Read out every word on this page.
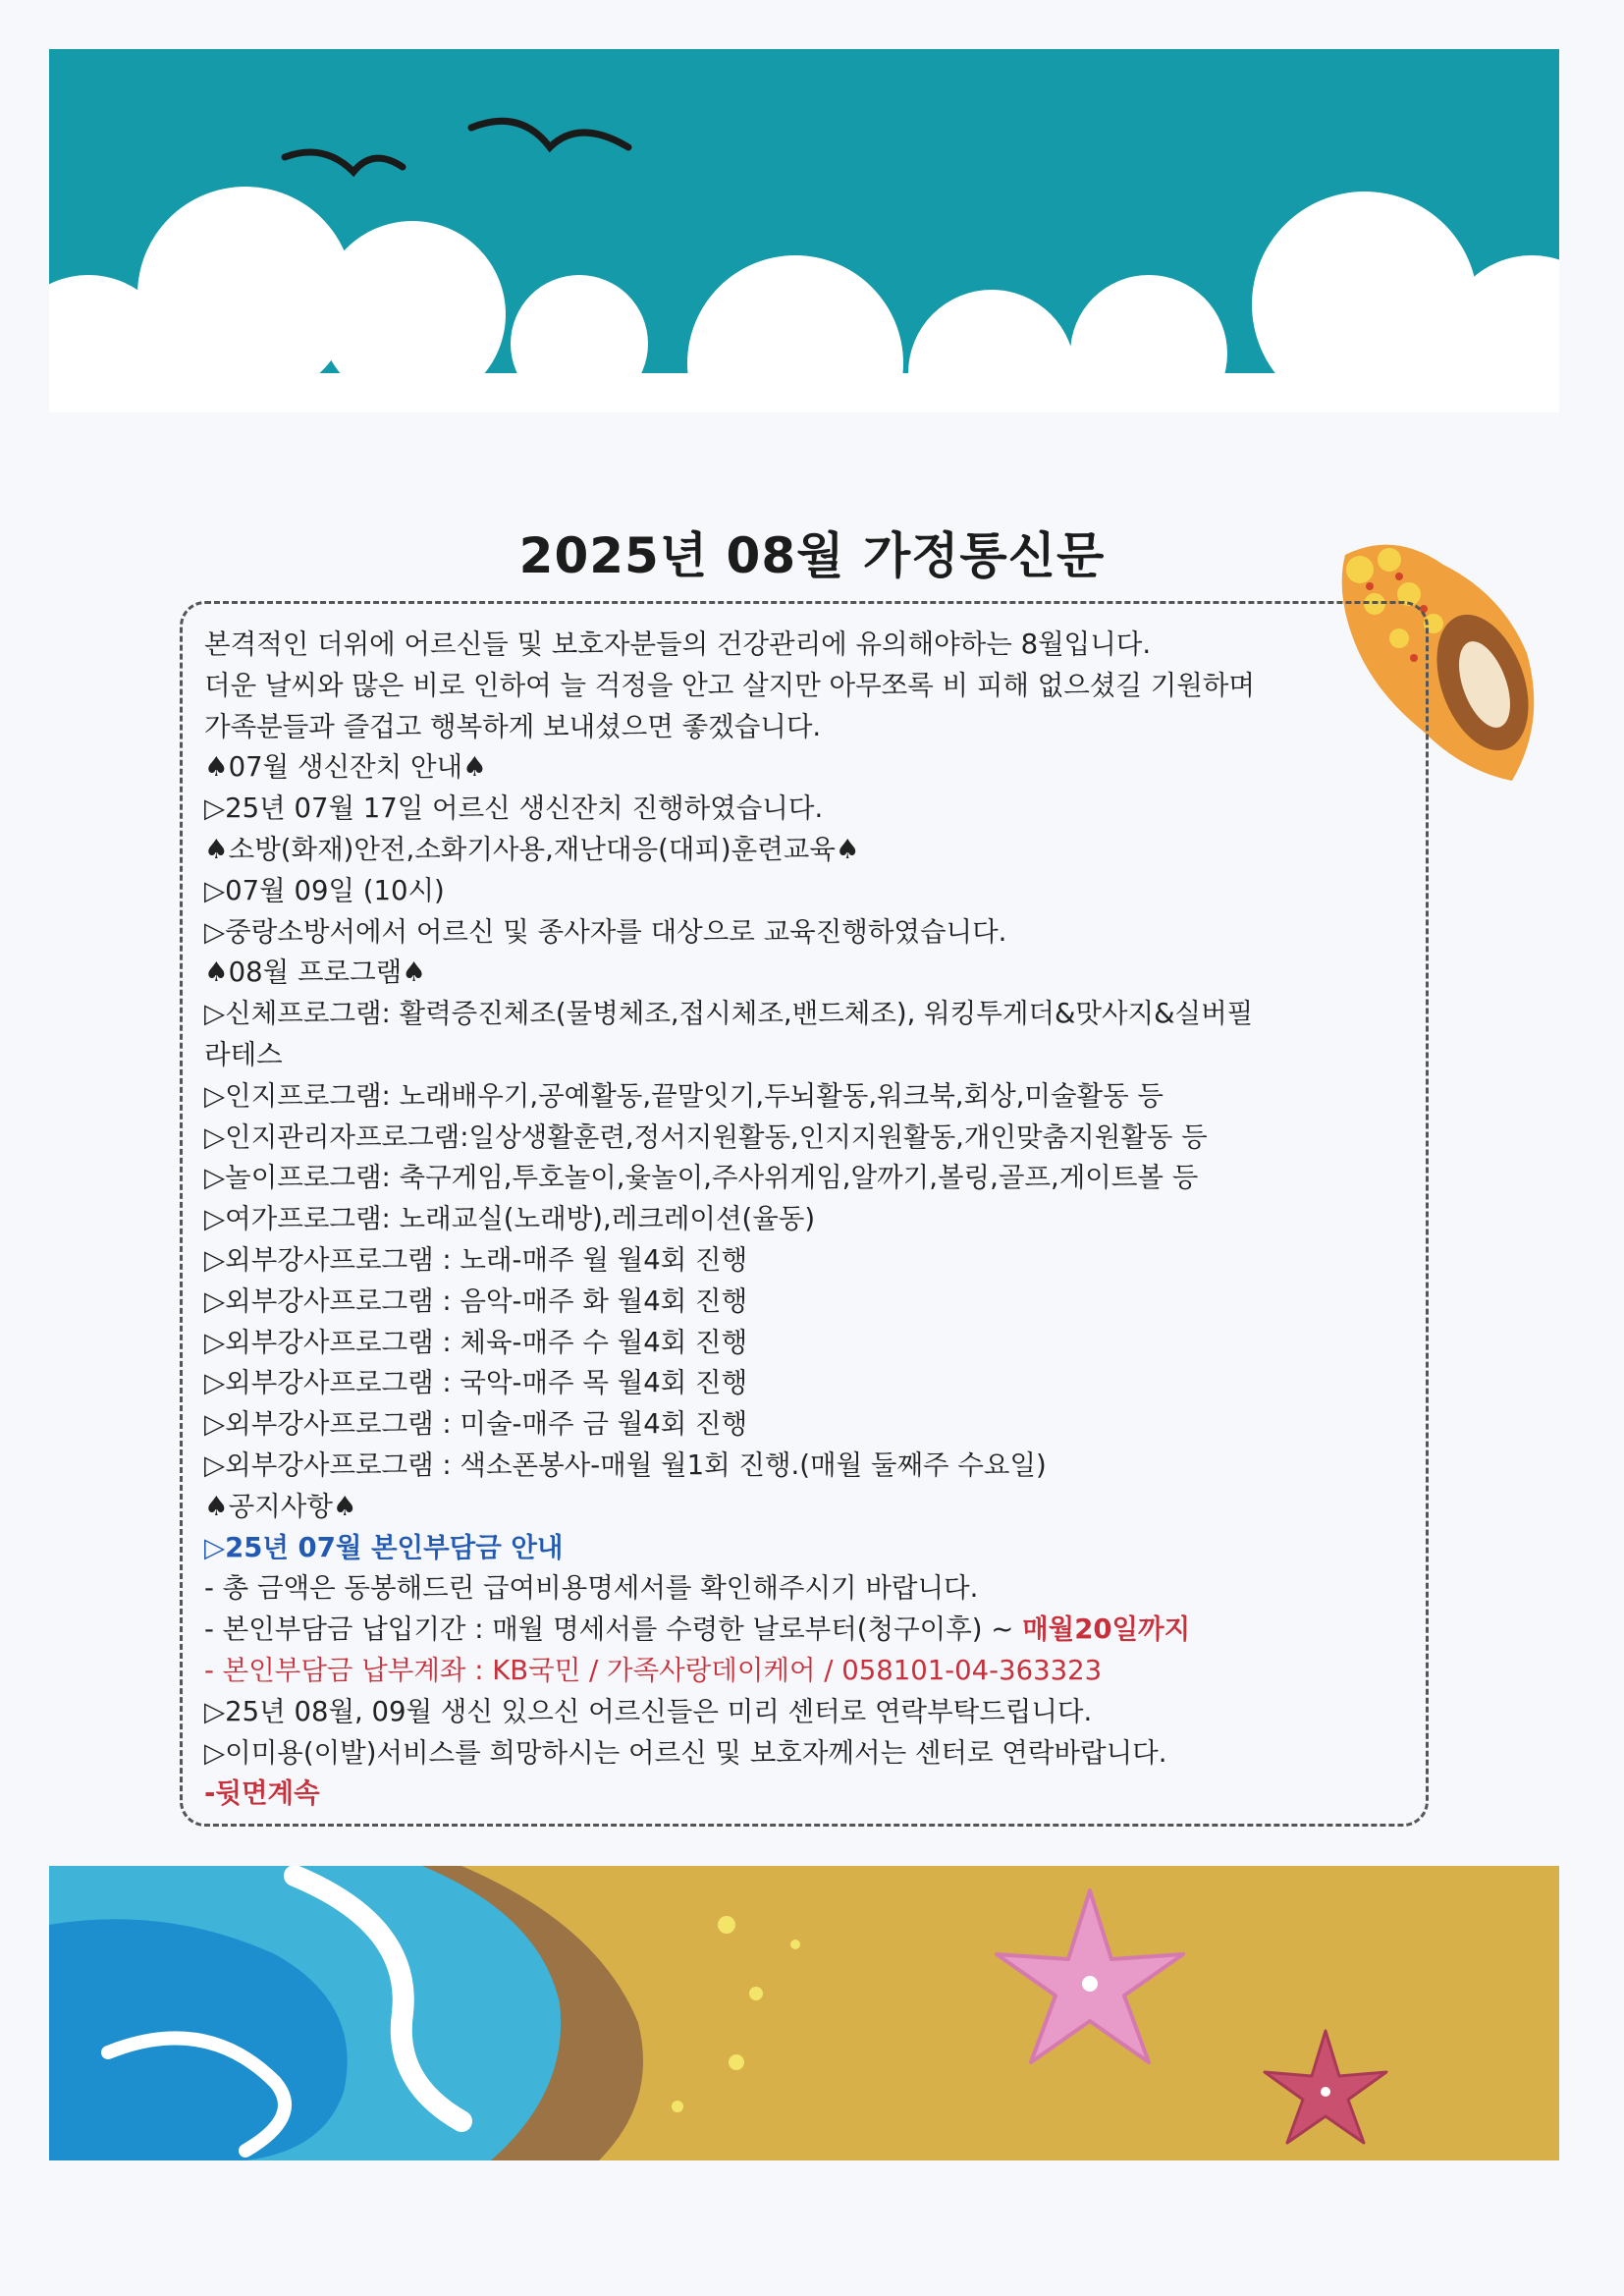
2025년 08월 가정통신문

본격적인 더위에 어르신들 및 보호자분들의 건강관리에 유의해야하는 8월입니다.

더운 날씨와 많은 비로 인하여 늘 걱정을 안고 살지만 아무쪼록 비 피해 없으셨길 기원하며

가족분들과 즐겁고 행복하게 보내셨으면 좋겠습니다.

♠07월 생신잔치 안내♠

▷25년 07월 17일 어르신 생신잔치 진행하였습니다.

♠소방(화재)안전,소화기사용,재난대응(대피)훈련교육♠

▷07월 09일 (10시)

▷중랑소방서에서 어르신 및 종사자를 대상으로 교육진행하였습니다.

♠08월 프로그램♠

▷신체프로그램: 활력증진체조(물병체조,접시체조,밴드체조), 워킹투게더&맛사지&실버필

라테스

▷인지프로그램: 노래배우기,공예활동,끝말잇기,두뇌활동,워크북,회상,미술활동 등

▷인지관리자프로그램:일상생활훈련,정서지원활동,인지지원활동,개인맞춤지원활동 등

▷놀이프로그램: 축구게임,투호놀이,윷놀이,주사위게임,알까기,볼링,골프,게이트볼 등

▷여가프로그램: 노래교실(노래방),레크레이션(율동)

▷외부강사프로그램 : 노래-매주 월 월4회 진행

▷외부강사프로그램 : 음악-매주 화 월4회 진행

▷외부강사프로그램 : 체육-매주 수 월4회 진행

▷외부강사프로그램 : 국악-매주 목 월4회 진행

▷외부강사프로그램 : 미술-매주 금 월4회 진행

▷외부강사프로그램 : 색소폰봉사-매월 월1회 진행.(매월 둘째주 수요일)

♠공지사항♠

▷25년 07월 본인부담금 안내

- 총 금액은 동봉해드린 급여비용명세서를 확인해주시기 바랍니다.

- 본인부담금 납입기간 : 매월 명세서를 수령한 날로부터(청구이후) ~ 매월20일까지

- 본인부담금 납부계좌 : KB국민 / 가족사랑데이케어 / 058101-04-363323

▷25년 08월, 09월 생신 있으신 어르신들은 미리 센터로 연락부탁드립니다.

▷이미용(이발)서비스를 희망하시는 어르신 및 보호자께서는 센터로 연락바랍니다.

-뒷면계속
